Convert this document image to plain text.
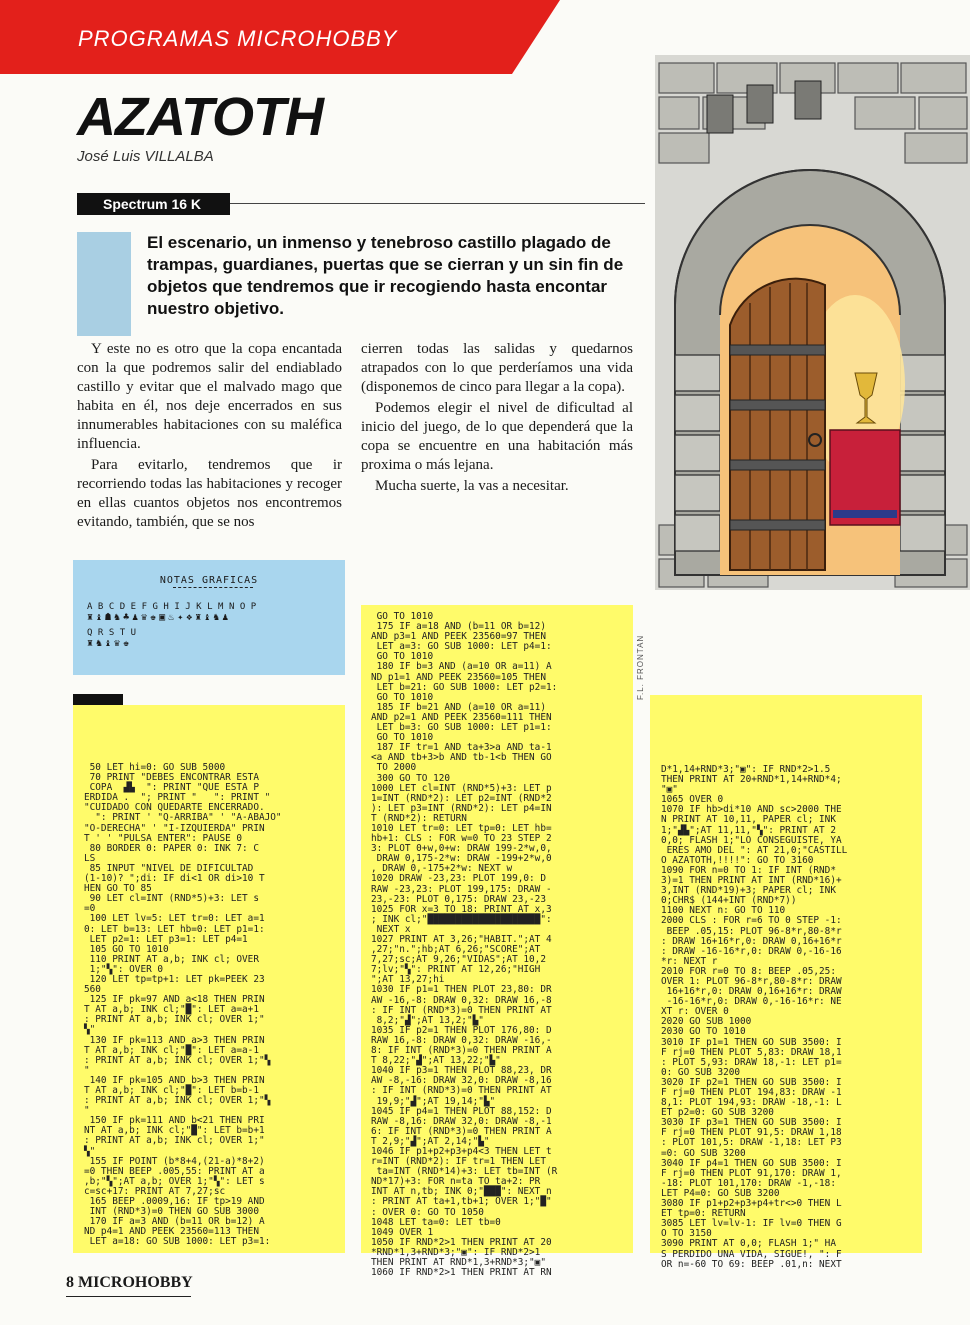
PROGRAMAS MICROHOBBY
AZATOTH
José Luis VILLALBA
Spectrum 16 K
El escenario, un inmenso y tenebroso castillo plagado de trampas, guardianes, puertas que se cierran y un sin fin de objetos que tendremos que ir recogiendo hasta encontar nuestro objetivo.

Y este no es otro que la copa encantada con la que podremos salir del endiablado castillo y evitar que el malvado mago que habita en él, nos deje encerrados en sus innumerables habitaciones con su maléfica influencia.

Para evitarlo, tendremos que ir recorriendo todas las habitaciones y recoger en ellas cuantos objetos nos encontremos evitando, también, que se nos

cierren todas las salidas y quedarnos atrapados con lo que perderíamos una vida (disponemos de cinco para llegar a la copa).

Podemos elegir el nivel de dificultad al inicio del juego, de lo que dependerá que la copa se encuentre en una habitación más proxima o más lejana.

Mucha suerte, la vas a necesitar.

F.L. FRONTAN
NOTAS GRAFICAS
ABCDEFGHIJKLMNOP
♜♝☗♞♣♟♛♚▣♨✦❖♜♝♞♟
QRSTU
♜♞♝♛♚
50 LET hi=0: GO SUB 5000
70 PRINT "DEBES ENCONTRAR ESTA
COPA  ▟▙  ": PRINT "QUE ESTA P
ERDIDA .  "; PRINT "   ": PRINT "
"CUIDADO CON QUEDARTE ENCERRADO.
": PRINT ' "Q-ARRIBA" ' "A-ABAJO"
"O-DERECHA" ' "I-IZQUIERDA" PRIN
T ' ' "PULSA ENTER": PAUSE 0
80 BORDER 0: PAPER 0: INK 7: C
LS
85 INPUT "NIVEL DE DIFICULTAD
(1-10)? ";di: IF di<1 OR di>10 T
HEN GO TO 85
90 LET cl=INT (RND*5)+3: LET s
=0
100 LET lv=5: LET tr=0: LET a=1
0: LET b=13: LET hb=0: LET p1=1:
LET p2=1: LET p3=1: LET p4=1
105 GO TO 1010
110 PRINT AT a,b; INK cl; OVER
1;"▚": OVER 0
120 LET tp=tp+1: LET pk=PEEK 23
560
125 IF pk=97 AND a<18 THEN PRIN
T AT a,b; INK cl;"█": LET a=a+1
: PRINT AT a,b; INK cl; OVER 1;"
▚"
130 IF pk=113 AND a>3 THEN PRIN
T AT a,b; INK cl;"█": LET a=a-1
: PRINT AT a,b; INK cl; OVER 1;"▚
"
140 IF pk=105 AND b>3 THEN PRIN
T AT a,b; INK cl;"█": LET b=b-1
: PRINT AT a,b; INK cl; OVER 1;"▚
"
150 IF pk=111 AND b<21 THEN PRI
NT AT a,b; INK cl;"█": LET b=b+1
: PRINT AT a,b; INK cl; OVER 1;"
▚"
155 IF POINT (b*8+4,(21-a)*8+2)
=0 THEN BEEP .005,55: PRINT AT a
,b;"▚";AT a,b; OVER 1;"▚": LET s
c=sc+17: PRINT AT 7,27;sc
165 BEEP .0009,16: IF tp>19 AND
INT (RND*3)=0 THEN GO SUB 3000
170 IF a=3 AND (b=11 OR b=12) A
ND p4=1 AND PEEK 23560=113 THEN
LET a=18: GO SUB 1000: LET p3=1:
GO TO 1010
175 IF a=18 AND (b=11 OR b=12)
AND p3=1 AND PEEK 23560=97 THEN
LET a=3: GO SUB 1000: LET p4=1:
GO TO 1010
180 IF b=3 AND (a=10 OR a=11) A
ND p1=1 AND PEEK 23560=105 THEN
LET b=21: GO SUB 1000: LET p2=1:
GO TO 1010
185 IF b=21 AND (a=10 OR a=11)
AND p2=1 AND PEEK 23560=111 THEN
LET b=3: GO SUB 1000: LET p1=1:
GO TO 1010
187 IF tr=1 AND ta+3>a AND ta-1
<a AND tb+3>b AND tb-1<b THEN GO
TO 2000
300 GO TO 120
1000 LET cl=INT (RND*5)+3: LET p
1=INT (RND*2): LET p2=INT (RND*2
): LET p3=INT (RND*2): LET p4=IN
T (RND*2): RETURN
1010 LET tr=0: LET tp=0: LET hb=
hb+1: CLS : FOR w=0 TO 23 STEP 2
3: PLOT 0+w,0+w: DRAW 199-2*w,0,
DRAW 0,175-2*w: DRAW -199+2*w,0
, DRAW 0,-175+2*w: NEXT w
1020 DRAW -23,23: PLOT 199,0: D
RAW -23,23: PLOT 199,175: DRAW -
23,-23: PLOT 0,175: DRAW 23,-23
1025 FOR x=3 TO 18: PRINT AT x,3
; INK cl;"████████████████████":
NEXT x
1027 PRINT AT 3,26;"HABIT.";AT 4
,27;"n.";hb;AT 6,26;"SCORE";AT
7,27;sc;AT 9,26;"VIDAS";AT 10,2
7;lv;"▚": PRINT AT 12,26;"HIGH
";AT 13,27;hi
1030 IF p1=1 THEN PLOT 23,80: DR
AW -16,-8: DRAW 0,32: DRAW 16,-8
: IF INT (RND*3)=0 THEN PRINT AT
8,2;"▟";AT 13,2;"▙"
1035 IF p2=1 THEN PLOT 176,80: D
RAW 16,-8: DRAW 0,32: DRAW -16,-
8: IF INT (RND*3)=0 THEN PRINT A
T 8,22;"▟";AT 13,22;"▙"
1040 IF p3=1 THEN PLOT 88,23, DR
AW -8,-16: DRAW 32,0: DRAW -8,16
: IF INT (RND*3)=0 THEN PRINT AT
19,9;"▟";AT 19,14;"▙"
1045 IF p4=1 THEN PLOT 88,152: D
RAW -8,16: DRAW 32,0: DRAW -8,-1
6: IF INT (RND*3)=0 THEN PRINT A
T 2,9;"▟";AT 2,14;"▙"
1046 IF p1+p2+p3+p4<3 THEN LET t
r=INT (RND*2): IF tr=1 THEN LET
ta=INT (RND*14)+3: LET tb=INT (R
ND*17)+3: FOR n=ta TO ta+2: PR
INT AT n,tb; INK 0;"███": NEXT n
: PRINT AT ta+1,tb+1; OVER 1;"█"
: OVER 0: GO TO 1050
1048 LET ta=0: LET tb=0
1049 OVER 1
1050 IF RND*2>1 THEN PRINT AT 20
*RND*1,3+RND*3;"▣": IF RND*2>1
THEN PRINT AT RND*1,3+RND*3;"▣"
1060 IF RND*2>1 THEN PRINT AT RN
D*1,14+RND*3;"▣": IF RND*2>1.5
THEN PRINT AT 20+RND*1,14+RND*4;
"▣"
1065 OVER 0
1070 IF hb>di*10 AND sc>2000 THE
N PRINT AT 10,11, PAPER cl; INK
1;"▟▙";AT 11,11,"▚": PRINT AT 2
0,0; FLASH 1;"LO CONSEGUISTE, YA
ERES AMO DEL ": AT 21,0;"CASTILL
O AZATOTH,!!!!": GO TO 3160
1090 FOR n=0 TO 1: IF INT (RND*
3)=1 THEN PRINT AT INT (RND*16)+
3,INT (RND*19)+3; PAPER cl; INK
0;CHR$ (144+INT (RND*7))
1100 NEXT n: GO TO 110
2000 CLS : FOR r=6 TO 0 STEP -1:
BEEP .05,15: PLOT 96-8*r,80-8*r
: DRAW 16+16*r,0: DRAW 0,16+16*r
: DRAW -16-16*r,0: DRAW 0,-16-16
*r: NEXT r
2010 FOR r=0 TO 8: BEEP .05,25:
OVER 1: PLOT 96-8*r,80-8*r: DRAW
16+16*r,0: DRAW 0,16+16*r: DRAW
-16-16*r,0: DRAW 0,-16-16*r: NE
XT r: OVER 0
2020 GO SUB 1000
2030 GO TO 1010
3010 IF p1=1 THEN GO SUB 3500: I
F rj=0 THEN PLOT 5,83: DRAW 18,1
: PLOT 5,93: DRAW 18,-1: LET p1=
0: GO SUB 3200
3020 IF p2=1 THEN GO SUB 3500: I
F rj=0 THEN PLOT 194,83: DRAW -1
8,1: PLOT 194,93: DRAW -18,-1: L
ET p2=0: GO SUB 3200
3030 IF p3=1 THEN GO SUB 3500: I
F rj=0 THEN PLOT 91,5: DRAW 1,18
: PLOT 101,5: DRAW -1,18: LET P3
=0: GO SUB 3200
3040 IF p4=1 THEN GO SUB 3500: I
F rj=0 THEN PLOT 91,170: DRAW 1,
-18: PLOT 101,170: DRAW -1,-18:
LET P4=0: GO SUB 3200
3080 IF p1+p2+p3+p4+tr<>0 THEN L
ET tp=0: RETURN
3085 LET lv=lv-1: IF lv=0 THEN G
O TO 3150
3090 PRINT AT 0,0; FLASH 1;" HA
S PERDIDO UNA VIDA, SIGUE!, ": F
OR n=-60 TO 69: BEEP .01,n: NEXT
8 MICROHOBBY
